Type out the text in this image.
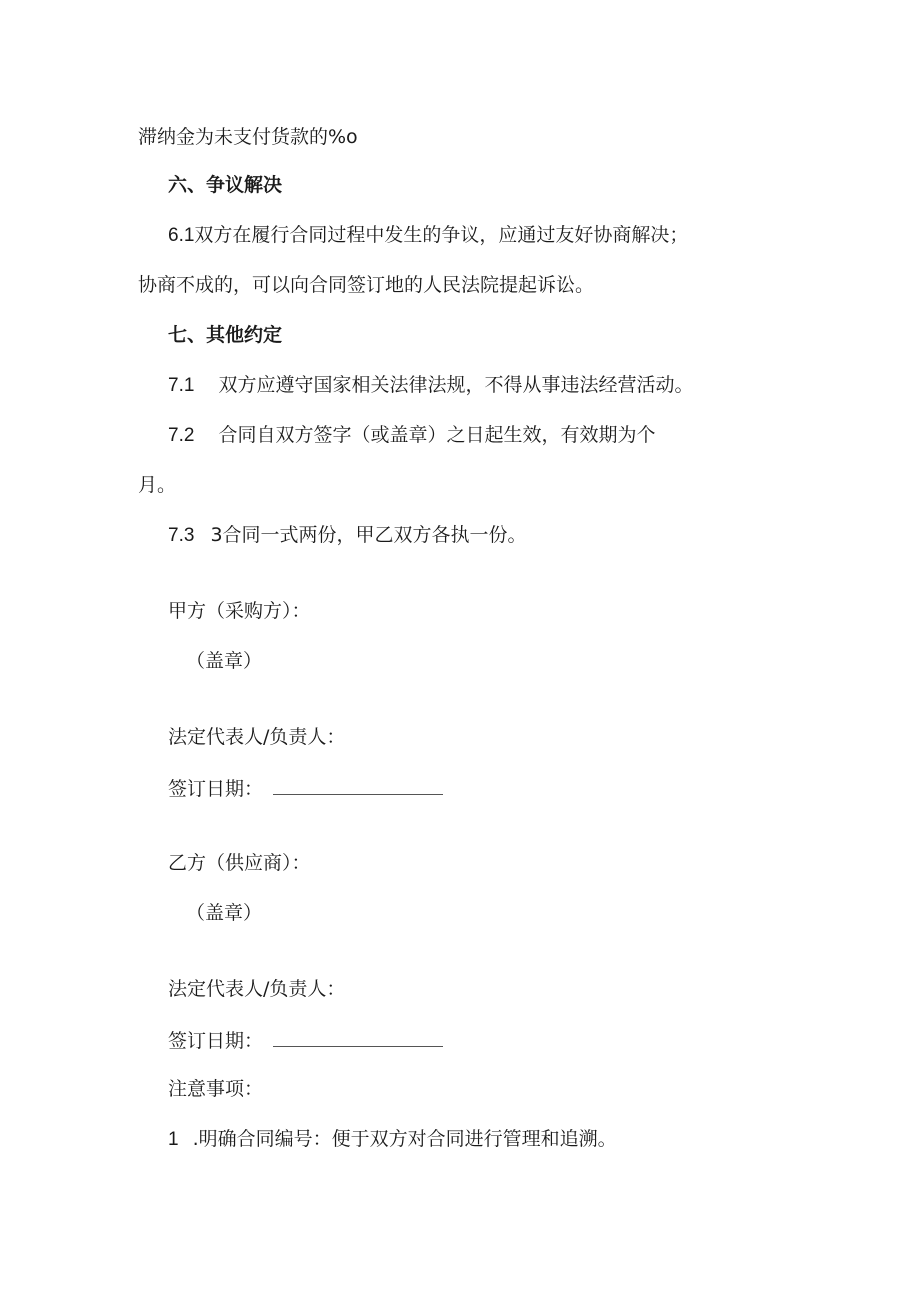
滞纳金为未支付货款的%o
六、争议解决
6.1双方在履行合同过程中发生的争议，应通过友好协商解决；
协商不成的，可以向合同签订地的人民法院提起诉讼。
七、其他约定
7.1 双方应遵守国家相关法律法规，不得从事违法经营活动。
7.2 合同自双方签字（或盖章）之日起生效，有效期为个
月。
7.3 3合同一式两份，甲乙双方各执一份。
甲方（采购方）：
（盖章）
法定代表人/负责人：
签订日期：
乙方（供应商）：
（盖章）
法定代表人/负责人：
签订日期：
注意事项：
1 .明确合同编号：便于双方对合同进行管理和追溯。
